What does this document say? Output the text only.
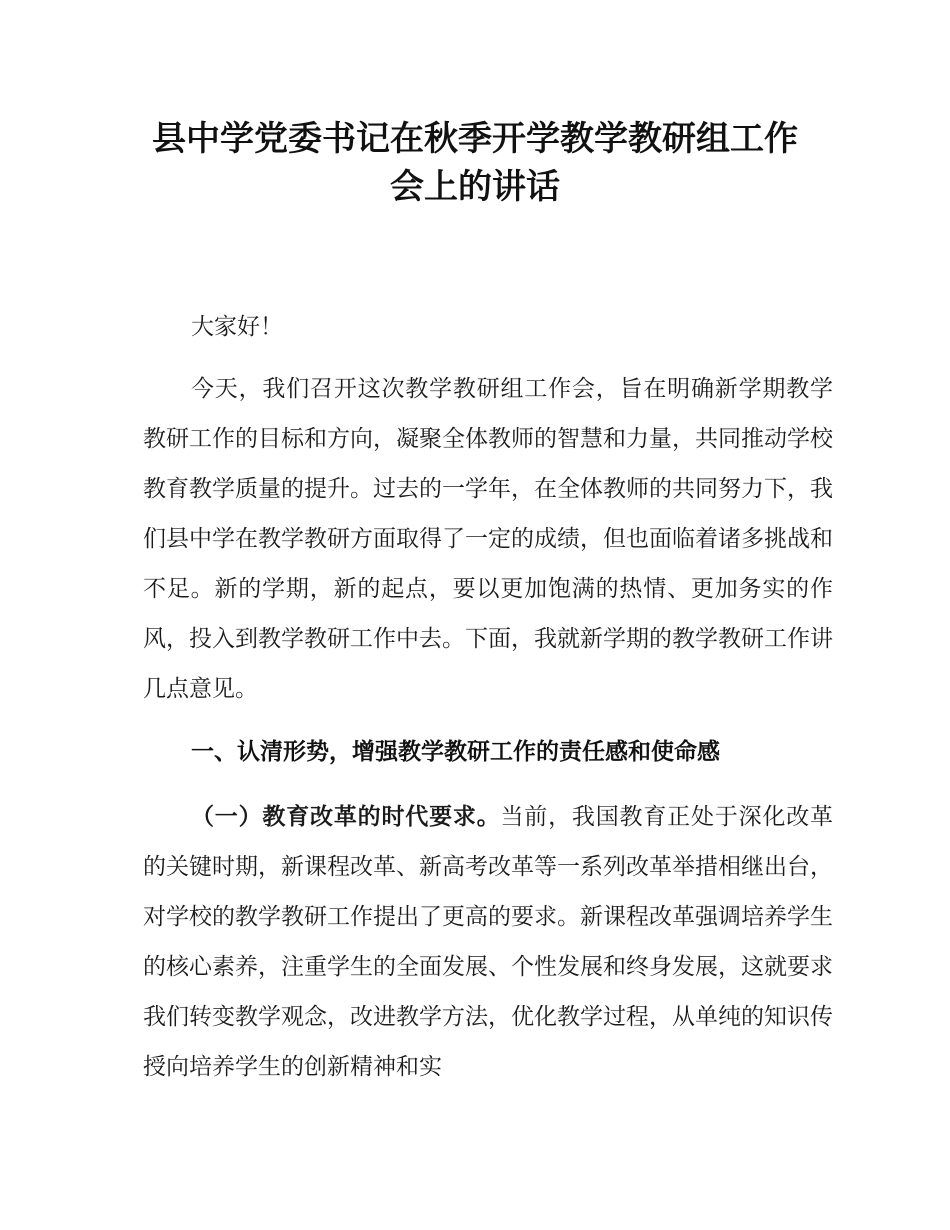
县中学党委书记在秋季开学教学教研组工作
会上的讲话

大家好！

今天，我们召开这次教学教研组工作会，旨在明确新学期教学教研工作的目标和方向，凝聚全体教师的智慧和力量，共同推动学校教育教学质量的提升。过去的一学年，在全体教师的共同努力下，我们县中学在教学教研方面取得了一定的成绩，但也面临着诸多挑战和不足。新的学期，新的起点，要以更加饱满的热情、更加务实的作风，投入到教学教研工作中去。下面，我就新学期的教学教研工作讲几点意见。

一、认清形势，增强教学教研工作的责任感和使命感

（一）教育改革的时代要求。当前，我国教育正处于深化改革的关键时期，新课程改革、新高考改革等一系列改革举措相继出台，对学校的教学教研工作提出了更高的要求。新课程改革强调培养学生的核心素养，注重学生的全面发展、个性发展和终身发展，这就要求我们转变教学观念，改进教学方法，优化教学过程，从单纯的知识传授向培养学生的创新精神和实
